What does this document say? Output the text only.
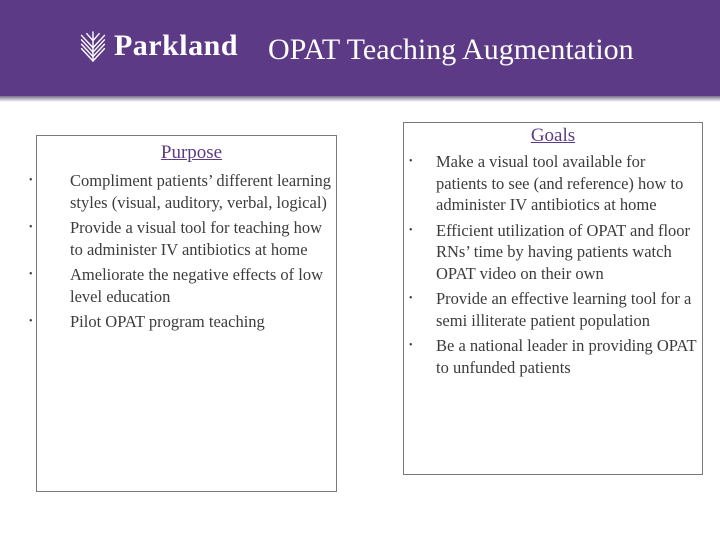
Parkland OPAT Teaching Augmentation
Purpose
• Compliment patients’ different learning styles (visual, auditory, verbal, logical)
• Provide a visual tool for teaching how to administer IV antibiotics at home
• Ameliorate the negative effects of low level education
• Pilot OPAT program teaching
Goals
• Make a visual tool available for patients to see (and reference) how to administer IV antibiotics at home
• Efficient utilization of OPAT and floor RNs’ time by having patients watch OPAT video on their own
• Provide an effective learning tool for a semi illiterate patient population
• Be a national leader in providing OPAT to unfunded patients
